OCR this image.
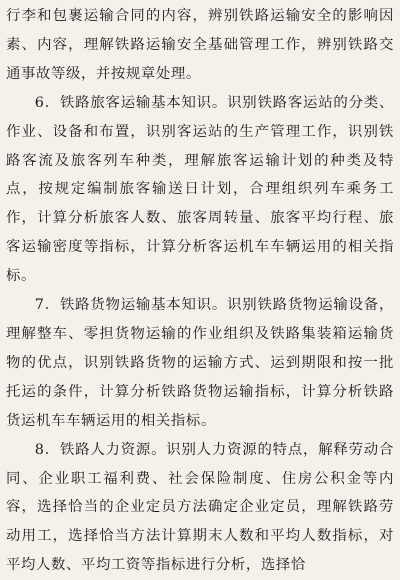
行李和包裹运输合同的内容，辨别铁路运输安全的影响因素、内容，理解铁路运输安全基础管理工作，辨别铁路交通事故等级，并按规章处理。

6．铁路旅客运输基本知识。识别铁路客运站的分类、作业、设备和布置，识别客运站的生产管理工作，识别铁路客流及旅客列车种类，理解旅客运输计划的种类及特点，按规定编制旅客输送日计划，合理组织列车乘务工作，计算分析旅客人数、旅客周转量、旅客平均行程、旅客运输密度等指标，计算分析客运机车车辆运用的相关指标。

7．铁路货物运输基本知识。识别铁路货物运输设备，理解整车、零担货物运输的作业组织及铁路集装箱运输货物的优点，识别铁路货物的运输方式、运到期限和按一批托运的条件，计算分析铁路货物运输指标，计算分析铁路货运机车车辆运用的相关指标。

8．铁路人力资源。识别人力资源的特点，解释劳动合同、企业职工福利费、社会保险制度、住房公积金等内容，选择恰当的企业定员方法确定企业定员，理解铁路劳动用工，选择恰当方法计算期末人数和平均人数指标，对平均人数、平均工资等指标进行分析，选择恰
